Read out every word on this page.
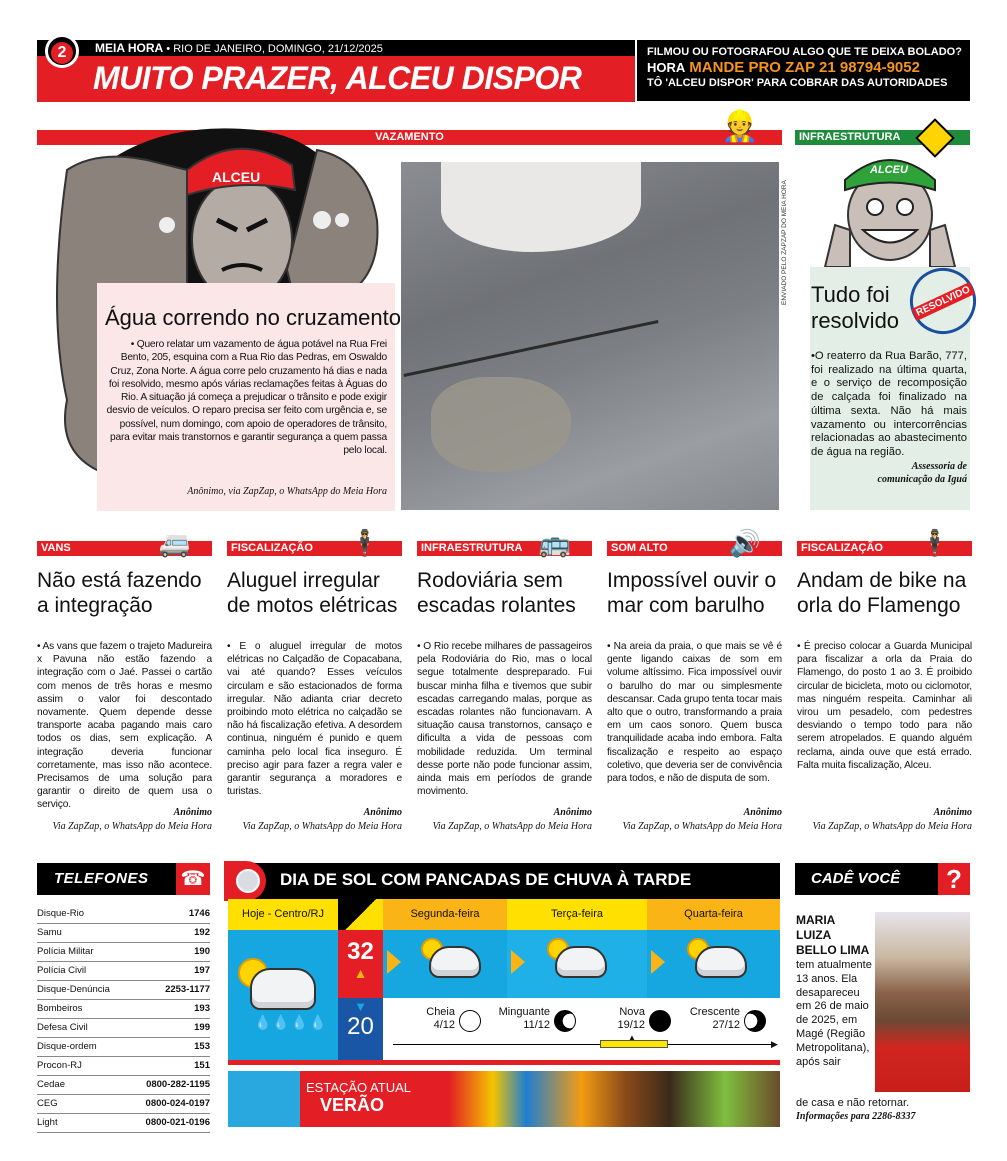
2	MEIA HORA • RIO DE JANEIRO, DOMINGO, 21/12/2025
MUITO PRAZER, ALCEU DISPOR
FILMOU OU FOTOGRAFOU ALGO QUE TE DEIXA BOLADO?
HORA MANDE PRO ZAP 21 98794-9052
TÔ 'ALCEU DISPOR' PARA COBRAR DAS AUTORIDADES
VAZAMENTO	👷
ALCEU
Água correndo no cruzamento
• Quero relatar um vazamento de água potável na Rua Frei Bento, 205, esquina com a Rua Rio das Pedras, em Oswaldo Cruz, Zona Norte. A água corre pelo cruzamento há dias e nada foi resolvido, mesmo após várias reclamações feitas à Águas do Rio. A situação já começa a prejudicar o trânsito e pode exigir desvio de veículos. O reparo precisa ser feito com urgência e, se possível, num domingo, com apoio de operadores de trânsito, para evitar mais transtornos e garantir segurança a quem passa pelo local.
Anônimo, via ZapZap, o WhatsApp do Meia Hora
ENVIADO PELO ZAPZAP DO MEIA HORA
INFRAESTRUTURA
ALCEU
RESOLVIDO
Tudo foi resolvido
•O reaterro da Rua Barão, 777, foi realizado na última quarta, e o serviço de recomposição de calçada foi finalizado na última sexta. Não há mais vazamento ou intercorrências relacionadas ao abastecimento de água na região.
Assessoria de
comunicação da Iguá
VANS	🚐
Não está fazendo a integração
• As vans que fazem o trajeto Madureira x Pavuna não estão fazendo a integração com o Jaé. Passei o cartão com menos de três horas e mesmo assim o valor foi descontado novamente. Quem depende desse transporte acaba pagando mais caro todos os dias, sem explicação. A integração deveria funcionar corretamente, mas isso não acontece. Precisamos de uma solução para garantir o direito de quem usa o serviço.
Anônimo
Via ZapZap, o WhatsApp do Meia Hora
FISCALIZAÇÃO	🕴
Aluguel irregular de motos elétricas
• E o aluguel irregular de motos elétricas no Calçadão de Copacabana, vai até quando? Esses veículos circulam e são estacionados de forma irregular. Não adianta criar decreto proibindo moto elétrica no calçadão se não há fiscalização efetiva. A desordem continua, ninguém é punido e quem caminha pelo local fica inseguro. É preciso agir para fazer a regra valer e garantir segurança a moradores e turistas.
Anônimo
Via ZapZap, o WhatsApp do Meia Hora
INFRAESTRUTURA 🚌
Rodoviária sem escadas rolantes
• O Rio recebe milhares de passageiros pela Rodoviária do Rio, mas o local segue totalmente despreparado. Fui buscar minha filha e tivemos que subir escadas carregando malas, porque as escadas rolantes não funcionavam. A situação causa transtornos, cansaço e dificulta a vida de pessoas com mobilidade reduzida. Um terminal desse porte não pode funcionar assim, ainda mais em períodos de grande movimento.
Anônimo
Via ZapZap, o WhatsApp do Meia Hora
SOM ALTO	🔊
Impossível ouvir o mar com barulho
• Na areia da praia, o que mais se vê é gente ligando caixas de som em volume altíssimo. Fica impossível ouvir o barulho do mar ou simplesmente descansar. Cada grupo tenta tocar mais alto que o outro, transformando a praia em um caos sonoro. Quem busca tranquilidade acaba indo embora. Falta fiscalização e respeito ao espaço coletivo, que deveria ser de convivência para todos, e não de disputa de som.
Anônimo
Via ZapZap, o WhatsApp do Meia Hora
FISCALIZAÇÃO	🕴
Andam de bike na orla do Flamengo
• É preciso colocar a Guarda Municipal para fiscalizar a orla da Praia do Flamengo, do posto 1 ao 3. É proibido circular de bicicleta, moto ou ciclomotor, mas ninguém respeita. Caminhar ali virou um pesadelo, com pedestres desviando o tempo todo para não serem atropelados. E quando alguém reclama, ainda ouve que está errado. Falta muita fiscalização, Alceu.
Anônimo
Via ZapZap, o WhatsApp do Meia Hora
TELEFONES ☎
Disque-Rio	1746
Samu	192
Polícia Militar	190
Polícia Civil	197
Disque-Denúncia	2253-1177
Bombeiros	193
Defesa Civil	199
Disque-ordem	153
Procon-RJ	151
Cedae	0800-282-1195
CEG	0800-024-0197
Light	0800-021-0196
DIA DE SOL COM PANCADAS DE CHUVA À TARDE
Hoje - Centro/RJ	Segunda-feira	Terça-feira	Quarta-feira
💧💧💧💧
32
▲
▼
20
Cheia
4/12
Minguante
11/12
Nova
19/12
Crescente
27/12
▶
▲
ESTAÇÃO ATUAL
VERÃO
CADÊ VOCÊ	?
MARIA LUIZA BELLO LIMA
tem atualmente 13 anos. Ela desapareceu em 26 de maio de 2025, em Magé (Região Metropolitana), após sair
de casa e não retornar.
Informações para 2286-8337
